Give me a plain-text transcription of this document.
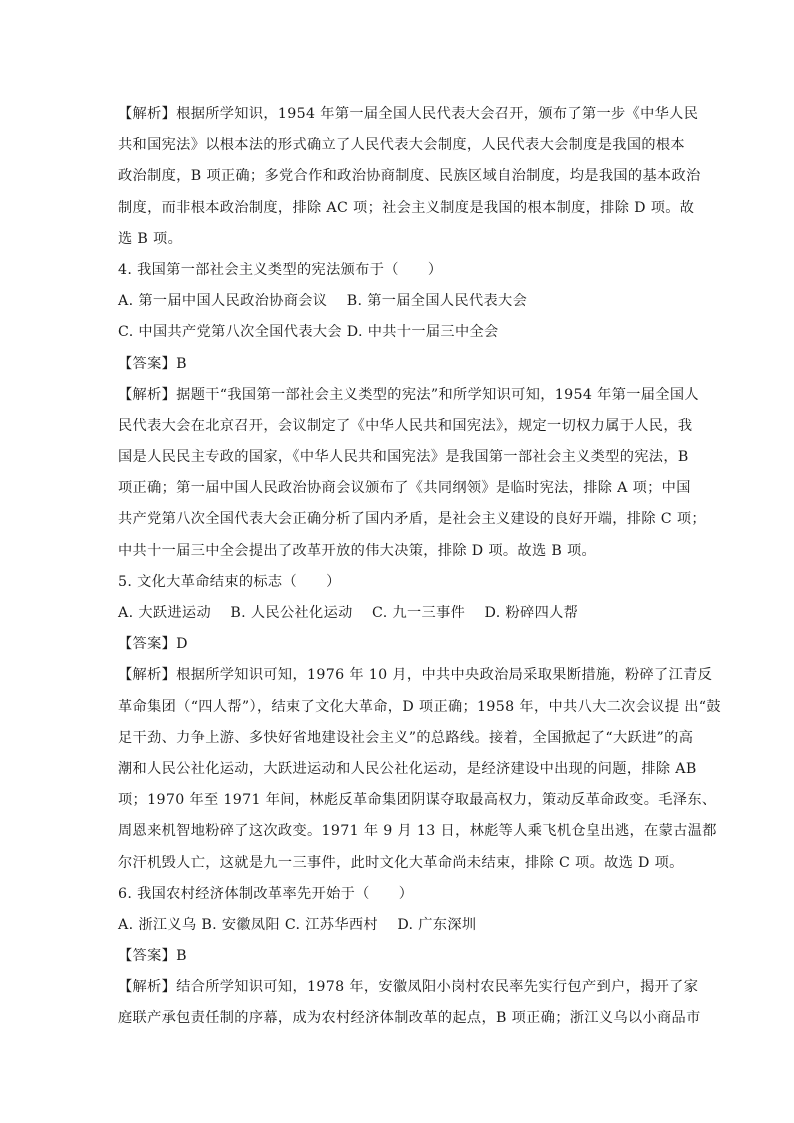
【解析】根据所学知识，1954 年第一届全国人民代表大会召开，颁布了第一步《中华人民
共和国宪法》以根本法的形式确立了人民代表大会制度，人民代表大会制度是我国的根本
政治制度，B 项正确；多党合作和政治协商制度、民族区域自治制度，均是我国的基本政治
制度，而非根本政治制度，排除 AC 项；社会主义制度是我国的根本制度，排除 D 项。故
选 B 项。
4. 我国第一部社会主义类型的宪法颁布于（　　）
A. 第一届中国人民政治协商会议　 B. 第一届全国人民代表大会
C. 中国共产党第八次全国代表大会 D. 中共十一届三中全会
【答案】B
【解析】据题干“我国第一部社会主义类型的宪法”和所学知识可知，1954 年第一届全国人
民代表大会在北京召开，会议制定了《中华人民共和国宪法》，规定一切权力属于人民，我
国是人民民主专政的国家，《中华人民共和国宪法》是我国第一部社会主义类型的宪法，B
项正确；第一届中国人民政治协商会议颁布了《共同纲领》是临时宪法，排除 A 项；中国
共产党第八次全国代表大会正确分析了国内矛盾，是社会主义建设的良好开端，排除 C 项；
中共十一届三中全会提出了改革开放的伟大决策，排除 D 项。故选 B 项。
5. 文化大革命结束的标志（　　）
A. 大跃进运动　 B. 人民公社化运动　 C. 九一三事件　 D. 粉碎四人帮
【答案】D
【解析】根据所学知识可知，1976 年 10 月，中共中央政治局采取果断措施，粉碎了江青反
革命集团（“四人帮”），结束了文化大革命，D 项正确；1958 年，中共八大二次会议提 出“鼓
足干劲、力争上游、多快好省地建设社会主义”的总路线。接着，全国掀起了“大跃进”的高
潮和人民公社化运动，大跃进运动和人民公社化运动，是经济建设中出现的问题，排除 AB
项；1970 年至 1971 年间，林彪反革命集团阴谋夺取最高权力，策动反革命政变。毛泽东、
周恩来机智地粉碎了这次政变。1971 年 9 月 13 日，林彪等人乘飞机仓皇出逃，在蒙古温都
尔汗机毁人亡，这就是九一三事件，此时文化大革命尚未结束，排除 C 项。故选 D 项。
6. 我国农村经济体制改革率先开始于（　　）
A. 浙江义乌 B. 安徽凤阳 C. 江苏华西村　 D. 广东深圳
【答案】B
【解析】结合所学知识可知，1978 年，安徽凤阳小岗村农民率先实行包产到户，揭开了家
庭联产承包责任制的序幕，成为农村经济体制改革的起点，B 项正确；浙江义乌以小商品市
